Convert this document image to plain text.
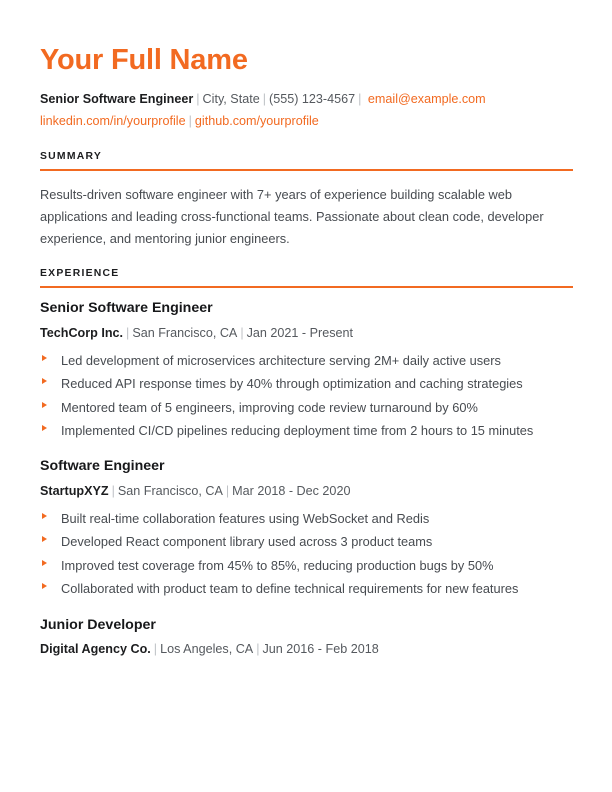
Your Full Name
Senior Software Engineer | City, State | (555) 123-4567 | email@example.com
linkedin.com/in/yourprofile | github.com/yourprofile
SUMMARY

Results-driven software engineer with 7+ years of experience building scalable web applications and leading cross-functional teams. Passionate about clean code, developer experience, and mentoring junior engineers.

EXPERIENCE
Senior Software Engineer
TechCorp Inc. | San Francisco, CA | Jan 2021 - Present
Led development of microservices architecture serving 2M+ daily active users
Reduced API response times by 40% through optimization and caching strategies
Mentored team of 5 engineers, improving code review turnaround by 60%
Implemented CI/CD pipelines reducing deployment time from 2 hours to 15 minutes
Software Engineer
StartupXYZ | San Francisco, CA | Mar 2018 - Dec 2020
Built real-time collaboration features using WebSocket and Redis
Developed React component library used across 3 product teams
Improved test coverage from 45% to 85%, reducing production bugs by 50%
Collaborated with product team to define technical requirements for new features
Junior Developer
Digital Agency Co. | Los Angeles, CA | Jun 2016 - Feb 2018
